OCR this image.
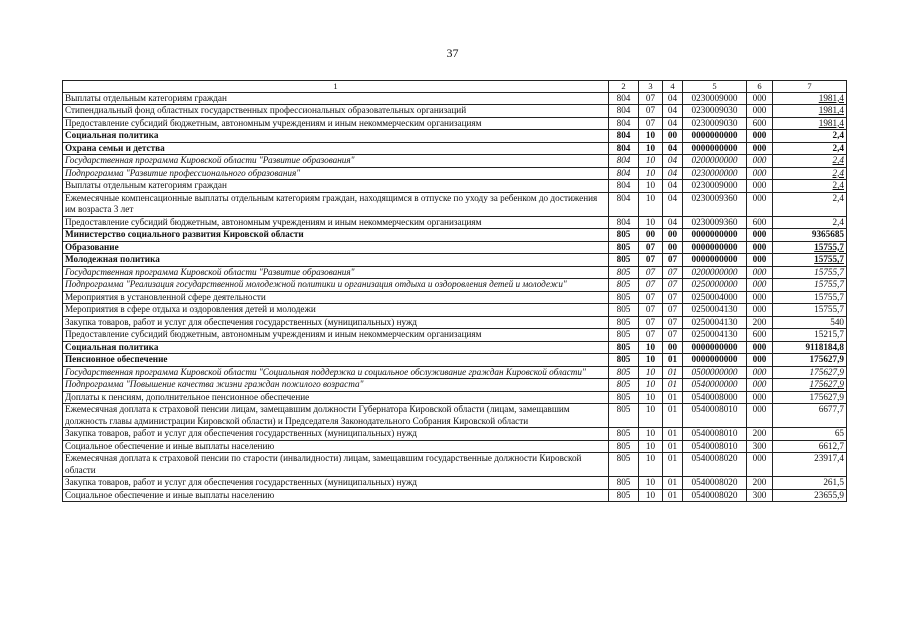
37
1	2	3	4	5	6	7
Выплаты отдельным категориям граждан	804	07	04	0230009000	000	1981,4
Стипендиальный фонд областных государственных профессиональных образовательных организаций	804	07	04	0230009030	000	1981,4
Предоставление субсидий бюджетным, автономным учреждениям и иным некоммерческим организациям	804	07	04	0230009030	600	1981,4
Социальная политика	804	10	00	0000000000	000	2,4
Охрана семьи и детства	804	10	04	0000000000	000	2,4
Государственная программа Кировской области "Развитие образования"	804	10	04	0200000000	000	2,4
Подпрограмма "Развитие профессионального образования"	804	10	04	0230000000	000	2,4
Выплаты отдельным категориям граждан	804	10	04	0230009000	000	2,4
Ежемесячные компенсационные выплаты отдельным категориям граждан, находящимся в отпуске по уходу за ребенком до достижения им возраста 3 лет	804	10	04	0230009360	000	2,4
Предоставление субсидий бюджетным, автономным учреждениям и иным некоммерческим организациям	804	10	04	0230009360	600	2,4
Министерство социального развития Кировской области	805	00	00	0000000000	000	9365685
Образование	805	07	00	0000000000	000	15755,7
Молодежная политика	805	07	07	0000000000	000	15755,7
Государственная программа Кировской области "Развитие образования"	805	07	07	0200000000	000	15755,7
Подпрограмма "Реализация государственной молодежной политики и организация отдыха и оздоровления детей и молодежи"	805	07	07	0250000000	000	15755,7
Мероприятия в установленной сфере деятельности	805	07	07	0250004000	000	15755,7
Мероприятия в сфере отдыха и оздоровления детей и молодежи	805	07	07	0250004130	000	15755,7
Закупка товаров, работ и услуг для обеспечения государственных (муниципальных) нужд	805	07	07	0250004130	200	540
Предоставление субсидий бюджетным, автономным учреждениям и иным некоммерческим организациям	805	07	07	0250004130	600	15215,7
Социальная политика	805	10	00	0000000000	000	9118184,8
Пенсионное обеспечение	805	10	01	0000000000	000	175627,9
Государственная программа Кировской области "Социальная поддержка и социальное обслуживание граждан Кировской области"	805	10	01	0500000000	000	175627,9
Подпрограмма "Повышение качества жизни граждан пожилого возраста"	805	10	01	0540000000	000	175627,9
Доплаты к пенсиям, дополнительное пенсионное обеспечение	805	10	01	0540008000	000	175627,9
Ежемесячная доплата к страховой пенсии лицам, замещавшим должности Губернатора Кировской области (лицам, замещавшим должность главы администрации Кировской области) и Председателя Законодательного Собрания Кировской области	805	10	01	0540008010	000	6677,7
Закупка товаров, работ и услуг для обеспечения государственных (муниципальных) нужд	805	10	01	0540008010	200	65
Социальное обеспечение и иные выплаты населению	805	10	01	0540008010	300	6612,7
Ежемесячная доплата к страховой пенсии по старости (инвалидности) лицам, замещавшим государственные должности Кировской области	805	10	01	0540008020	000	23917,4
Закупка товаров, работ и услуг для обеспечения государственных (муниципальных) нужд	805	10	01	0540008020	200	261,5
Социальное обеспечение и иные выплаты населению	805	10	01	0540008020	300	23655,9
